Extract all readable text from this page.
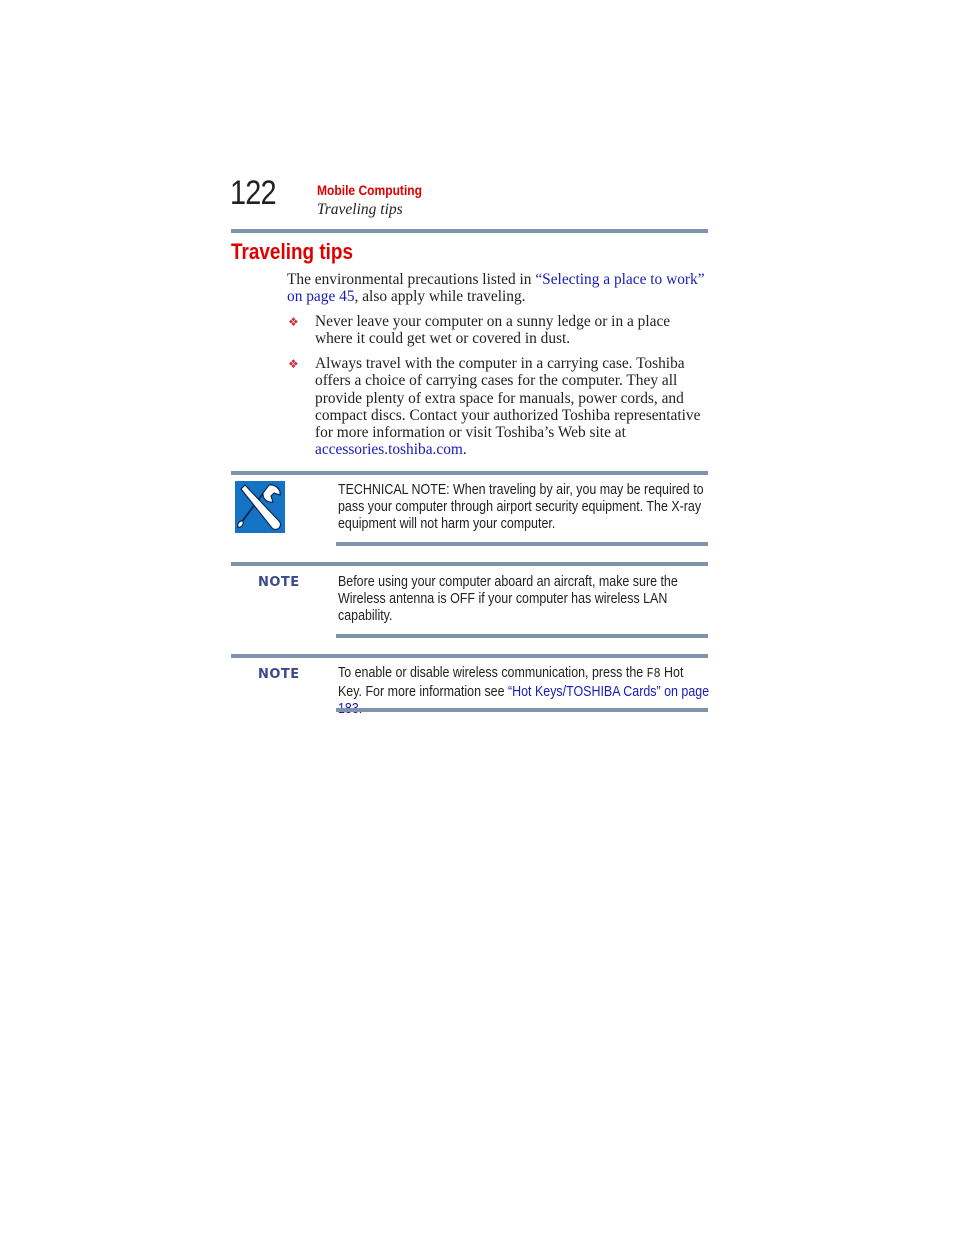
122	Mobile Computing
Traveling tips
Traveling tips
The environmental precautions listed in “Selecting a place to work” on page 45, also apply while traveling.
❖ Never leave your computer on a sunny ledge or in a place where it could get wet or covered in dust.
❖ Always travel with the computer in a carrying case. Toshiba offers a choice of carrying cases for the computer. They all provide plenty of extra space for manuals, power cords, and compact discs. Contact your authorized Toshiba representative for more information or visit Toshiba’s Web site at accessories.toshiba.com.
TECHNICAL NOTE: When traveling by air, you may be required to pass your computer through airport security equipment. The X-ray equipment will not harm your computer.
NOTE	Before using your computer aboard an aircraft, make sure the Wireless antenna is OFF if your computer has wireless LAN capability.
NOTE	To enable or disable wireless communication, press the F8 Hot Key. For more information see “Hot Keys/TOSHIBA Cards” on page
